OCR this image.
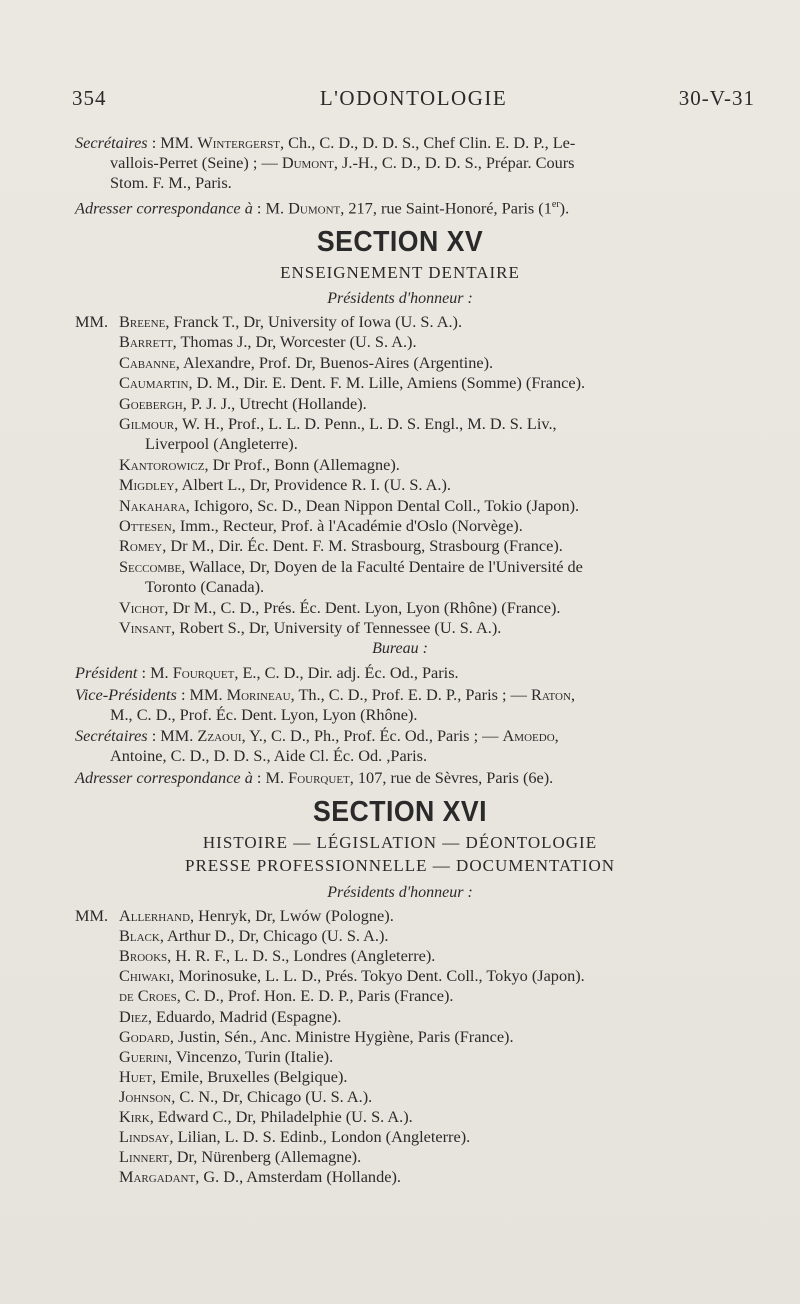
354	L'ODONTOLOGIE	30-V-31
Secrétaires : MM. Wintergerst, Ch., C. D., D. D. S., Chef Clin. E. D. P., Le-
vallois-Perret (Seine) ; — Dumont, J.-H., C. D., D. D. S., Prépar. Cours
Stom. F. M., Paris.
Adresser correspondance à : M. Dumont, 217, rue Saint-Honoré, Paris (1er).
SECTION XV
ENSEIGNEMENT DENTAIRE
Présidents d'honneur :
MM. Breene, Franck T., Dr, University of Iowa (U. S. A.).
Barrett, Thomas J., Dr, Worcester (U. S. A.).
Cabanne, Alexandre, Prof. Dr, Buenos-Aires (Argentine).
Caumartin, D. M., Dir. E. Dent. F. M. Lille, Amiens (Somme) (France).
Goebergh, P. J. J., Utrecht (Hollande).
Gilmour, W. H., Prof., L. L. D. Penn., L. D. S. Engl., M. D. S. Liv.,
Liverpool (Angleterre).
Kantorowicz, Dr Prof., Bonn (Allemagne).
Migdley, Albert L., Dr, Providence R. I. (U. S. A.).
Nakahara, Ichigoro, Sc. D., Dean Nippon Dental Coll., Tokio (Japon).
Ottesen, Imm., Recteur, Prof. à l'Académie d'Oslo (Norvège).
Romey, Dr M., Dir. Éc. Dent. F. M. Strasbourg, Strasbourg (France).
Seccombe, Wallace, Dr, Doyen de la Faculté Dentaire de l'Université de
Toronto (Canada).
Vichot, Dr M., C. D., Prés. Éc. Dent. Lyon, Lyon (Rhône) (France).
Vinsant, Robert S., Dr, University of Tennessee (U. S. A.).
Bureau :
Président : M. Fourquet, E., C. D., Dir. adj. Éc. Od., Paris.
Vice-Présidents : MM. Morineau, Th., C. D., Prof. E. D. P., Paris ; — Raton,
M., C. D., Prof. Éc. Dent. Lyon, Lyon (Rhône).
Secrétaires : MM. Zzaoui, Y., C. D., Ph., Prof. Éc. Od., Paris ; — Amoedo,
Antoine, C. D., D. D. S., Aide Cl. Éc. Od. ,Paris.
Adresser correspondance à : M. Fourquet, 107, rue de Sèvres, Paris (6e).
SECTION XVI
HISTOIRE — LÉGISLATION — DÉONTOLOGIE
PRESSE PROFESSIONNELLE — DOCUMENTATION
Présidents d'honneur :
MM. Allerhand, Henryk, Dr, Lwów (Pologne).
Black, Arthur D., Dr, Chicago (U. S. A.).
Brooks, H. R. F., L. D. S., Londres (Angleterre).
Chiwaki, Morinosuke, L. L. D., Prés. Tokyo Dent. Coll., Tokyo (Japon).
de Croes, C. D., Prof. Hon. E. D. P., Paris (France).
Diez, Eduardo, Madrid (Espagne).
Godard, Justin, Sén., Anc. Ministre Hygiène, Paris (France).
Guerini, Vincenzo, Turin (Italie).
Huet, Emile, Bruxelles (Belgique).
Johnson, C. N., Dr, Chicago (U. S. A.).
Kirk, Edward C., Dr, Philadelphie (U. S. A.).
Lindsay, Lilian, L. D. S. Edinb., London (Angleterre).
Linnert, Dr, Nürenberg (Allemagne).
Margadant, G. D., Amsterdam (Hollande).
